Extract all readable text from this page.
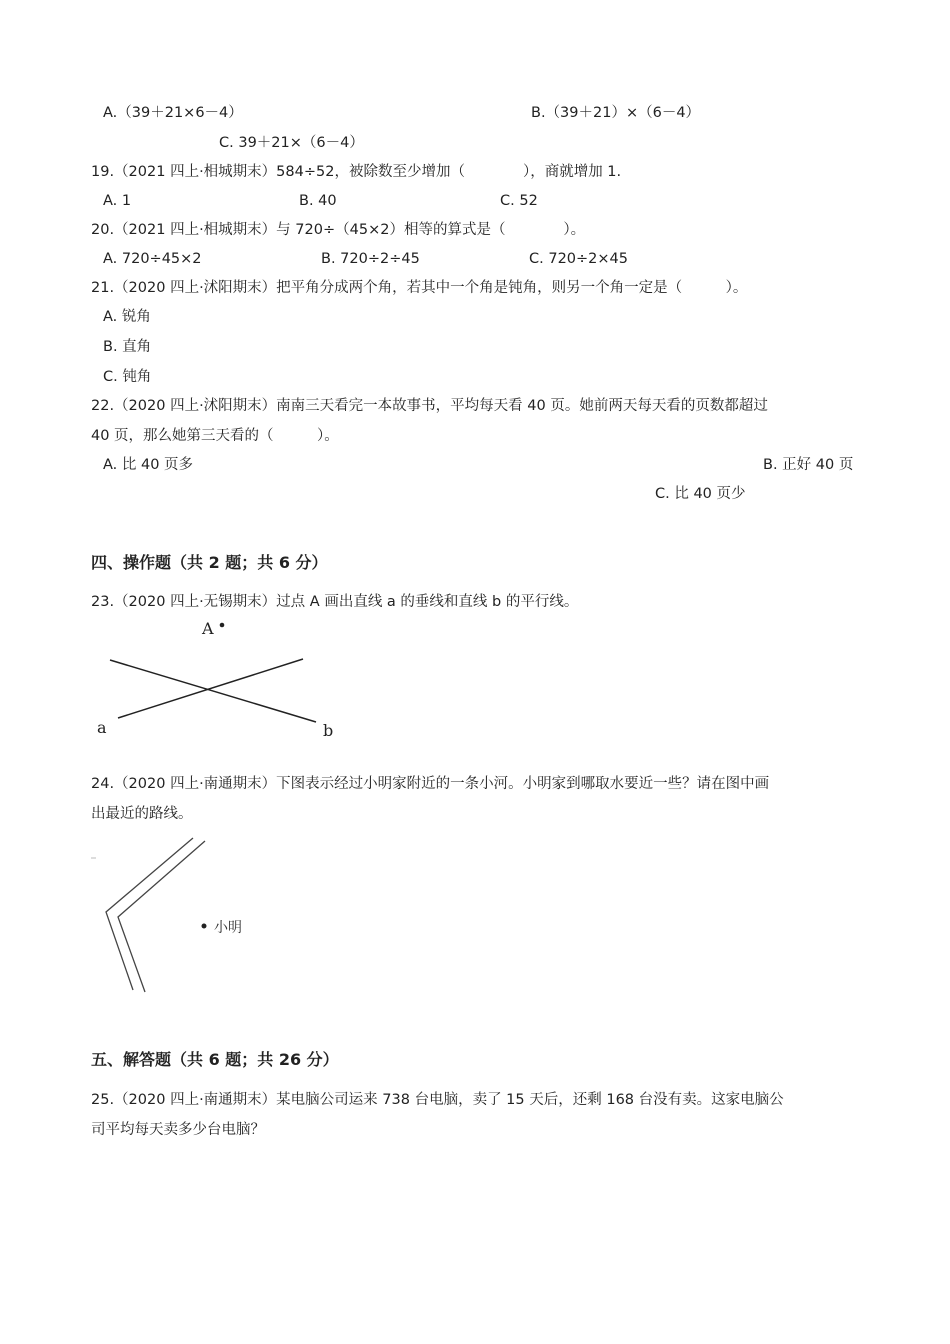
A.（39＋21×6－4）	B.（39＋21）×（6－4）
C. 39＋21×（6－4）
19.（2021 四上·相城期末）584÷52，被除数至少增加（　　　　），商就增加 1.
A. 1	B. 40	C. 52
20.（2021 四上·相城期末）与 720÷（45×2）相等的算式是（　　　　）。
A. 720÷45×2	B. 720÷2÷45	C. 720÷2×45
21.（2020 四上·沭阳期末）把平角分成两个角，若其中一个角是钝角，则另一个角一定是（　　　）。
A. 锐角
B. 直角
C. 钝角
22.（2020 四上·沭阳期末）南南三天看完一本故事书，平均每天看 40 页。她前两天每天看的页数都超过
40 页，那么她第三天看的（　　　）。
A. 比 40 页多	B. 正好 40 页
C. 比 40 页少
四、操作题（共 2 题；共 6 分）
23.（2020 四上·无锡期末）过点 A 画出直线 a 的垂线和直线 b 的平行线。
A
a	b
24.（2020 四上·南通期末）下图表示经过小明家附近的一条小河。小明家到哪取水要近一些？请在图中画
出最近的路线。
小明
五、解答题（共 6 题；共 26 分）
25.（2020 四上·南通期末）某电脑公司运来 738 台电脑，卖了 15 天后，还剩 168 台没有卖。这家电脑公
司平均每天卖多少台电脑？
